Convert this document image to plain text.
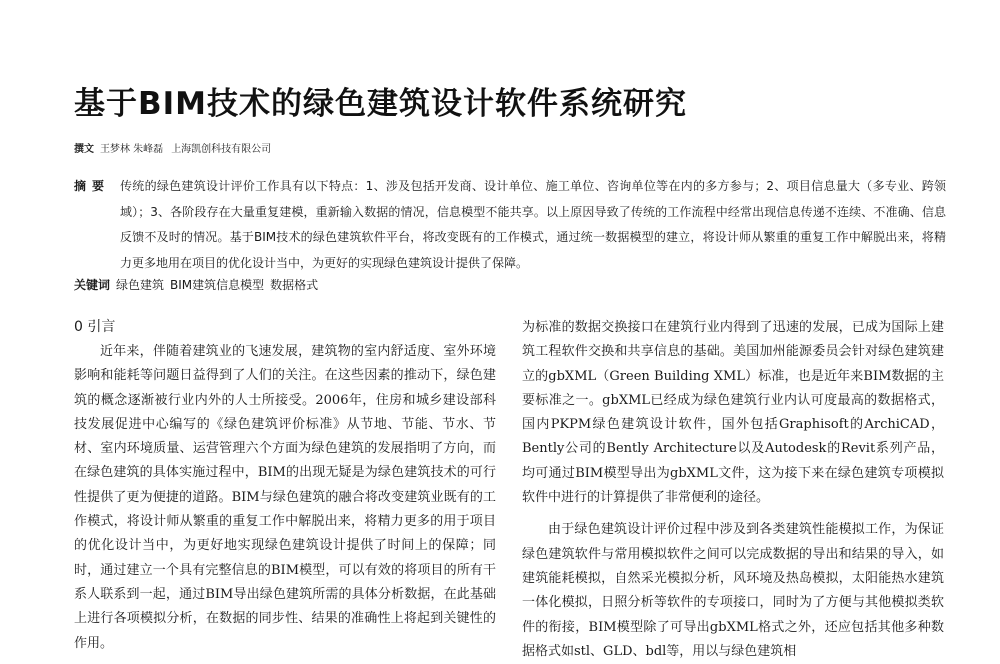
基于BIM技术的绿色建筑设计软件系统研究
撰文 王梦林 朱峰磊 上海凯创科技有限公司
摘要 传统的绿色建筑设计评价工作具有以下特点：1、涉及包括开发商、设计单位、施工单位、咨询单位等在内的多方参与；2、项目信息量大（多专业、跨领域）；3、各阶段存在大量重复建模，重新输入数据的情况，信息模型不能共享。以上原因导致了传统的工作流程中经常出现信息传递不连续、不准确、信息反馈不及时的情况。基于BIM技术的绿色建筑软件平台，将改变既有的工作模式，通过统一数据模型的建立，将设计师从繁重的重复工作中解脱出来，将精力更多地用在项目的优化设计当中，为更好的实现绿色建筑设计提供了保障。
关键词 绿色建筑 BIM建筑信息模型 数据格式
0 引言

近年来，伴随着建筑业的飞速发展，建筑物的室内舒适度、室外环境影响和能耗等问题日益得到了人们的关注。在这些因素的推动下，绿色建筑的概念逐渐被行业内外的人士所接受。2006年，住房和城乡建设部科技发展促进中心编写的《绿色建筑评价标准》从节地、节能、节水、节材、室内环境质量、运营管理六个方面为绿色建筑的发展指明了方向，而在绿色建筑的具体实施过程中，BIM的出现无疑是为绿色建筑技术的可行性提供了更为便捷的道路。BIM与绿色建筑的融合将改变建筑业既有的工作模式，将设计师从繁重的重复工作中解脱出来，将精力更多的用于项目的优化设计当中，为更好地实现绿色建筑设计提供了时间上的保障；同时，通过建立一个具有完整信息的BIM模型，可以有效的将项目的所有干系人联系到一起，通过BIM导出绿色建筑所需的具体分析数据，在此基础上进行各项模拟分析，在数据的同步性、结果的准确性上将起到关键性的作用。

为标准的数据交换接口在建筑行业内得到了迅速的发展，已成为国际上建筑工程软件交换和共享信息的基础。美国加州能源委员会针对绿色建筑建立的gbXML（Green Building XML）标准，也是近年来BIM数据的主要标准之一。gbXML已经成为绿色建筑行业内认可度最高的数据格式，国内PKPM绿色建筑设计软件，国外包括Graphisoft的ArchiCAD，Bently公司的Bently Architecture以及Autodesk的Revit系列产品，均可通过BIM模型导出为gbXML文件，这为接下来在绿色建筑专项模拟软件中进行的计算提供了非常便利的途径。

由于绿色建筑设计评价过程中涉及到各类建筑性能模拟工作，为保证绿色建筑软件与常用模拟软件之间可以完成数据的导出和结果的导入，如建筑能耗模拟，自然采光模拟分析，风环境及热岛模拟，太阳能热水建筑一体化模拟，日照分析等软件的专项接口，同时为了方便与其他模拟类软件的衔接，BIM模型除了可导出gbXML格式之外，还应包括其他多种数据格式如stl、GLD、bdl等，用以与绿色建筑相
